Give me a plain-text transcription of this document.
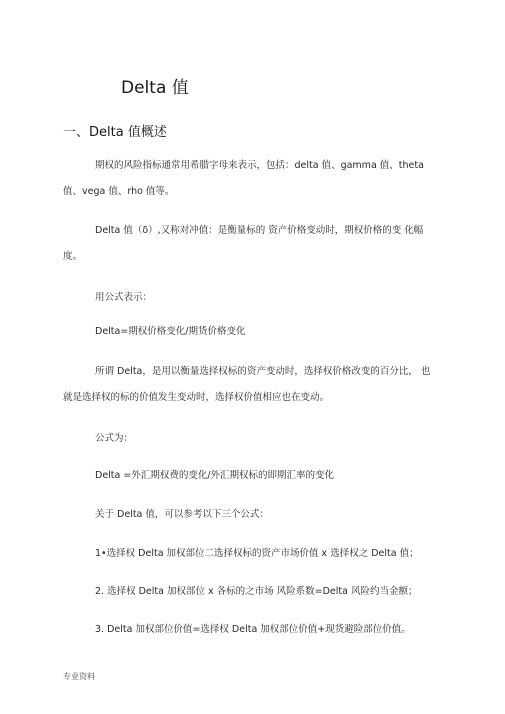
Delta 值
一、Delta 值概述
期权的风险指标通常用希腊字母来表示，包括：delta 值、gamma 值、theta
值、vega 值、rho 值等。
Delta 值（δ）,又称对冲值：是衡量标的 资产价格变动时，期权价格的变 化幅
度。
用公式表示：
Delta=期权价格变化/期货价格变化
所谓 Delta，是用以衡量选择权标的资产变动时，选择权价格改变的百分比， 也
就是选择权的标的价值发生变动时，选择权价值相应也在变动。
公式为：
Delta =外汇期权费的变化/外汇期权标的即期汇率的变化
关于 Delta 值，可以参考以下三个公式：
1•选择权 Delta 加权部位二选择权标的资产市场价值 x 选择权之 Delta 值；
2. 选择权 Delta 加权部位 x 各标的之市场 风险系数=Delta 风险约当金额；
3. Delta 加权部位价值=选择权 Delta 加权部位价值+现货避险部位价值。
专业资料
